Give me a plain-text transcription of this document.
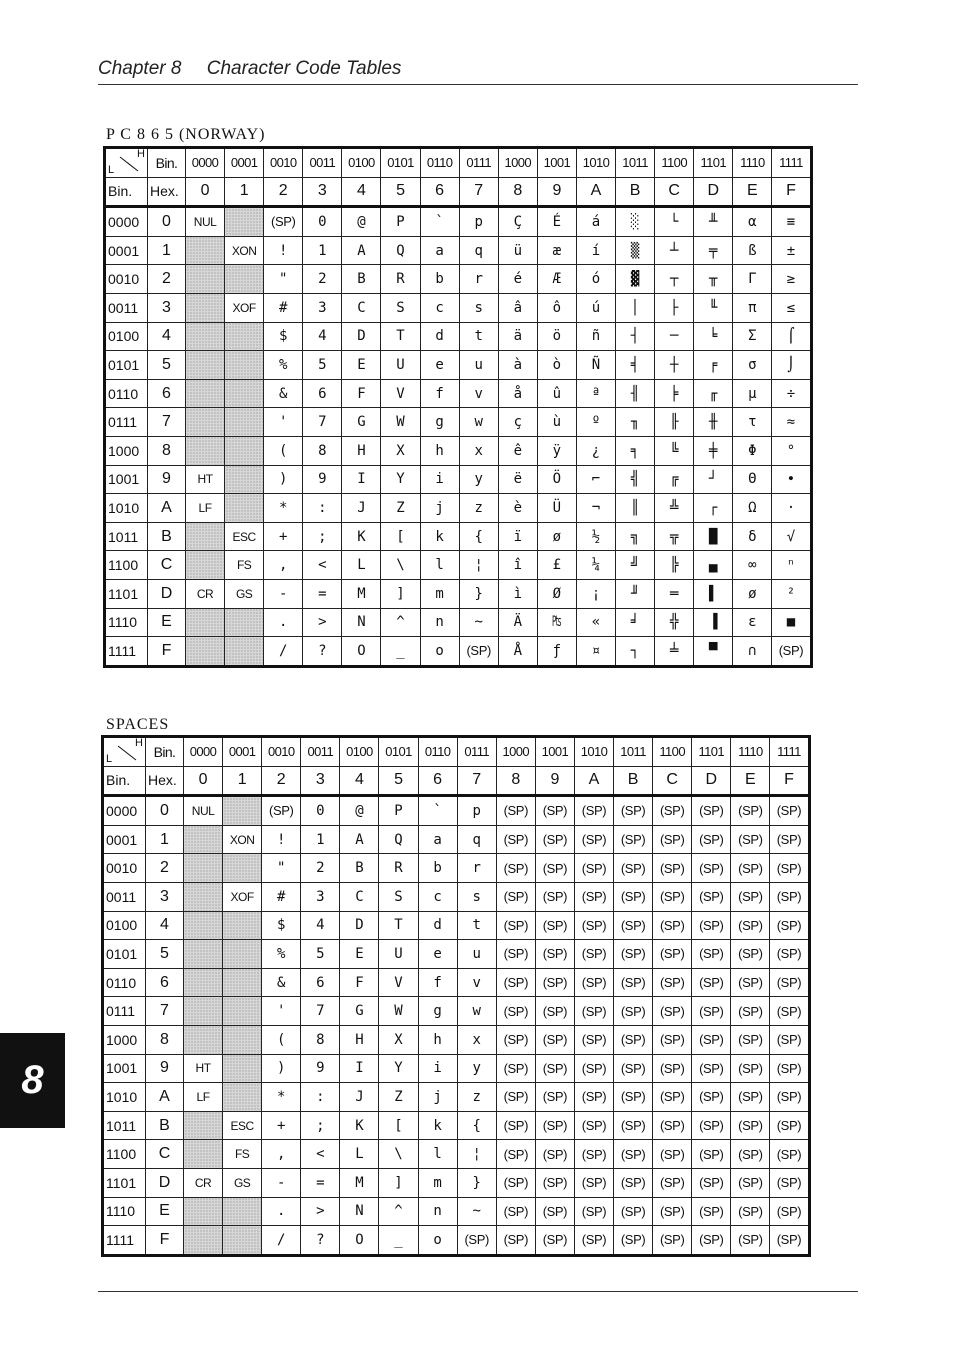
Chapter 8 Character Code Tables
P C 8 6 5 (NORWAY)
H
L	Bin.	0000	0001	0010	0011	0100	0101	0110	0111	1000	1001	1010	1011	1100	1101	1110	1111
Bin.	Hex.	0	1	2	3	4	5	6	7	8	9	A	B	C	D	E	F
0000	0	NUL		(SP)	0	@	P	`	p	Ç	É	á	░	└	╨	α	≡
0001	1		XON	!	1	A	Q	a	q	ü	æ	í	▒	┴	╤	ß	±
0010	2			"	2	B	R	b	r	é	Æ	ó	▓	┬	╥	Γ	≥
0011	3		XOF	#	3	C	S	c	s	â	ô	ú	│	├	╙	π	≤
0100	4			$	4	D	T	d	t	ä	ö	ñ	┤	─	╘	Σ	⌠
0101	5			%	5	E	U	e	u	à	ò	Ñ	╡	┼	╒	σ	⌡
0110	6			&	6	F	V	f	v	å	û	ª	╢	╞	╓	µ	÷
0111	7			'	7	G	W	g	w	ç	ù	º	╖	╟	╫	τ	≈
1000	8			(	8	H	X	h	x	ê	ÿ	¿	╕	╚	╪	Φ	°
1001	9	HT		)	9	I	Y	i	y	ë	Ö	⌐	╣	╔	┘	Θ	∙
1010	A	LF		*	:	J	Z	j	z	è	Ü	¬	║	╩	┌	Ω	·
1011	B		ESC	+	;	K	[	k	{	ï	ø	½	╗	╦	█	δ	√
1100	C		FS	,	<	L	\	l	¦	î	£	¼	╝	╠	▄	∞	ⁿ
1101	D	CR	GS	-	=	M	]	m	}	ì	Ø	¡	╜	═	▌	ø	²
1110	E			.	>	N	^	n	~	Ä	₧	«	╛	╬	▐	ε	■
1111	F			/	?	O	_	o	(SP)	Å	ƒ	¤	┐	╧	▀	∩	(SP)
SPACES
H
L	Bin.	0000	0001	0010	0011	0100	0101	0110	0111	1000	1001	1010	1011	1100	1101	1110	1111
Bin.	Hex.	0	1	2	3	4	5	6	7	8	9	A	B	C	D	E	F
0000	0	NUL		(SP)	0	@	P	`	p	(SP)	(SP)	(SP)	(SP)	(SP)	(SP)	(SP)	(SP)
0001	1		XON	!	1	A	Q	a	q	(SP)	(SP)	(SP)	(SP)	(SP)	(SP)	(SP)	(SP)
0010	2			"	2	B	R	b	r	(SP)	(SP)	(SP)	(SP)	(SP)	(SP)	(SP)	(SP)
0011	3		XOF	#	3	C	S	c	s	(SP)	(SP)	(SP)	(SP)	(SP)	(SP)	(SP)	(SP)
0100	4			$	4	D	T	d	t	(SP)	(SP)	(SP)	(SP)	(SP)	(SP)	(SP)	(SP)
0101	5			%	5	E	U	e	u	(SP)	(SP)	(SP)	(SP)	(SP)	(SP)	(SP)	(SP)
0110	6			&	6	F	V	f	v	(SP)	(SP)	(SP)	(SP)	(SP)	(SP)	(SP)	(SP)
0111	7			'	7	G	W	g	w	(SP)	(SP)	(SP)	(SP)	(SP)	(SP)	(SP)	(SP)
1000	8			(	8	H	X	h	x	(SP)	(SP)	(SP)	(SP)	(SP)	(SP)	(SP)	(SP)
1001	9	HT		)	9	I	Y	i	y	(SP)	(SP)	(SP)	(SP)	(SP)	(SP)	(SP)	(SP)
1010	A	LF		*	:	J	Z	j	z	(SP)	(SP)	(SP)	(SP)	(SP)	(SP)	(SP)	(SP)
1011	B		ESC	+	;	K	[	k	{	(SP)	(SP)	(SP)	(SP)	(SP)	(SP)	(SP)	(SP)
1100	C		FS	,	<	L	\	l	¦	(SP)	(SP)	(SP)	(SP)	(SP)	(SP)	(SP)	(SP)
1101	D	CR	GS	-	=	M	]	m	}	(SP)	(SP)	(SP)	(SP)	(SP)	(SP)	(SP)	(SP)
1110	E			.	>	N	^	n	~	(SP)	(SP)	(SP)	(SP)	(SP)	(SP)	(SP)	(SP)
1111	F			/	?	O	_	o	(SP)	(SP)	(SP)	(SP)	(SP)	(SP)	(SP)	(SP)	(SP)
8
